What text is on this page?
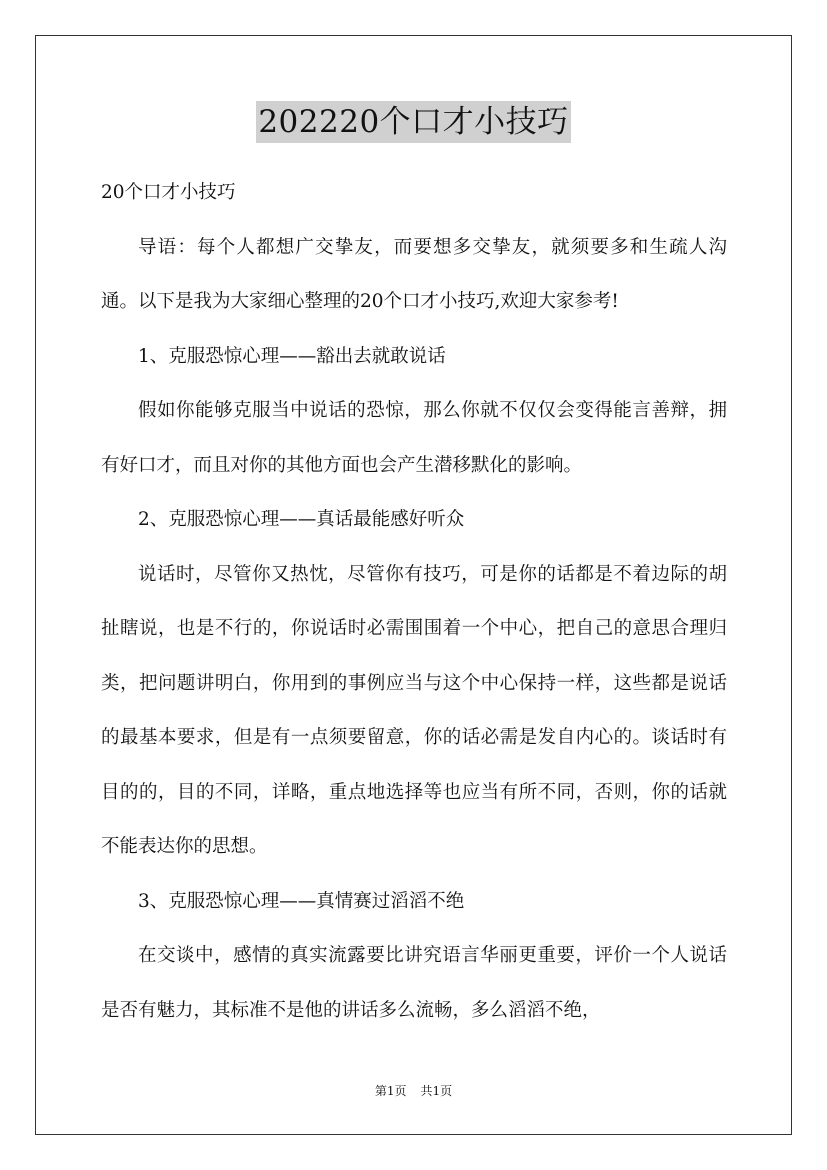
202220个口才小技巧

20个口才小技巧

导语：每个人都想广交挚友，而要想多交挚友，就须要多和生疏人沟通。以下是我为大家细心整理的20个口才小技巧,欢迎大家参考!

1、克服恐惊心理——豁出去就敢说话

假如你能够克服当中说话的恐惊，那么你就不仅仅会变得能言善辩，拥有好口才，而且对你的其他方面也会产生潜移默化的影响。

2、克服恐惊心理——真话最能感好听众

说话时，尽管你又热忱，尽管你有技巧，可是你的话都是不着边际的胡扯瞎说，也是不行的，你说话时必需围围着一个中心，把自己的意思合理归类，把问题讲明白，你用到的事例应当与这个中心保持一样，这些都是说话的最基本要求，但是有一点须要留意，你的话必需是发自内心的。谈话时有目的的，目的不同，详略，重点地选择等也应当有所不同，否则，你的话就不能表达你的思想。

3、克服恐惊心理——真情赛过滔滔不绝

在交谈中，感情的真实流露要比讲究语言华丽更重要，评价一个人说话是否有魅力，其标准不是他的讲话多么流畅，多么滔滔不绝，

第1页 共1页
